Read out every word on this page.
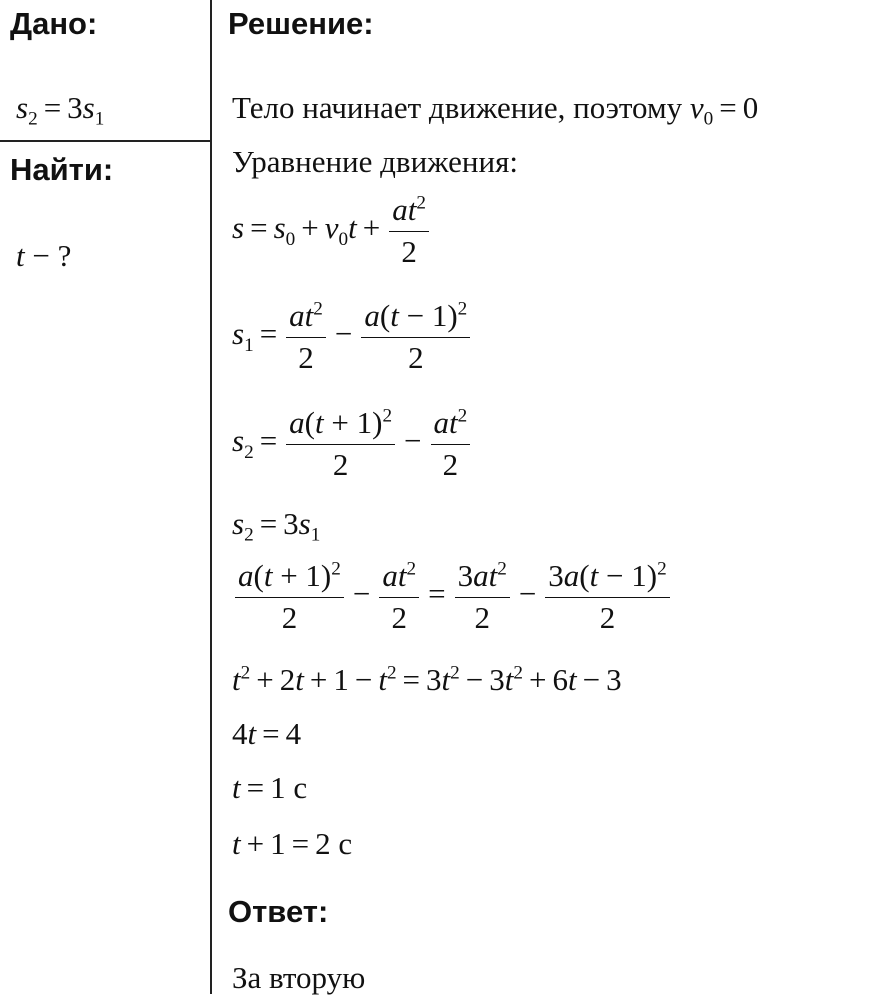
Дано:
$s_2 = 3s_1$
Найти:
t − ?
Решение:
Тело начинает движение, поэтому $v_0 = 0$
Уравнение движения:
$s = s_0 + v_0t + \frac{at^2}{2}$
$s_1 = \frac{at^2}{2} - \frac{a(t - 1)^2}{2}$
$s_2 = \frac{a(t + 1)^2}{2} - \frac{at^2}{2}$
$s_2 = 3s_1$
$\frac{a(t + 1)^2}{2} - \frac{at^2}{2} = \frac{3at^2}{2} - \frac{3a(t - 1)^2}{2}$
$t^2 + 2t + 1 - t^2 = 3t^2 - 3t^2 + 6t - 3$
4t = 4
t = 1 с
t + 1 = 2 с
Ответ:
За вторую
